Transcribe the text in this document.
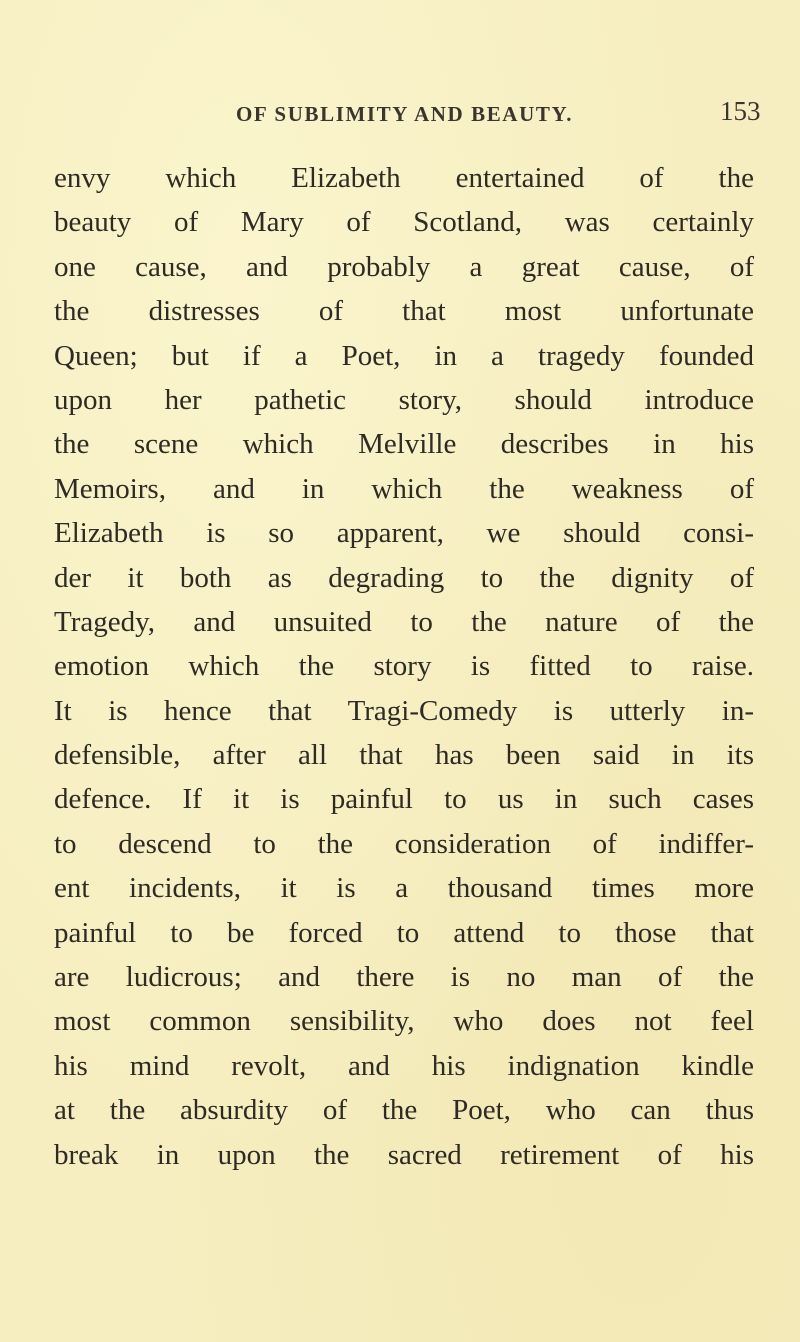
OF SUBLIMITY AND BEAUTY.	153
envy which Elizabeth entertained of the
beauty of Mary of Scotland, was certainly
one cause, and probably a great cause, of
the distresses of that most unfortunate
Queen; but if a Poet, in a tragedy founded
upon her pathetic story, should introduce
the scene which Melville describes in his
Memoirs, and in which the weakness of
Elizabeth is so apparent, we should consi-
der it both as degrading to the dignity of
Tragedy, and unsuited to the nature of the
emotion which the story is fitted to raise.
It is hence that Tragi-Comedy is utterly in-
defensible, after all that has been said in its
defence. If it is painful to us in such cases
to descend to the consideration of indiffer-
ent incidents, it is a thousand times more
painful to be forced to attend to those that
are ludicrous; and there is no man of the
most common sensibility, who does not feel
his mind revolt, and his indignation kindle
at the absurdity of the Poet, who can thus
break in upon the sacred retirement of his
